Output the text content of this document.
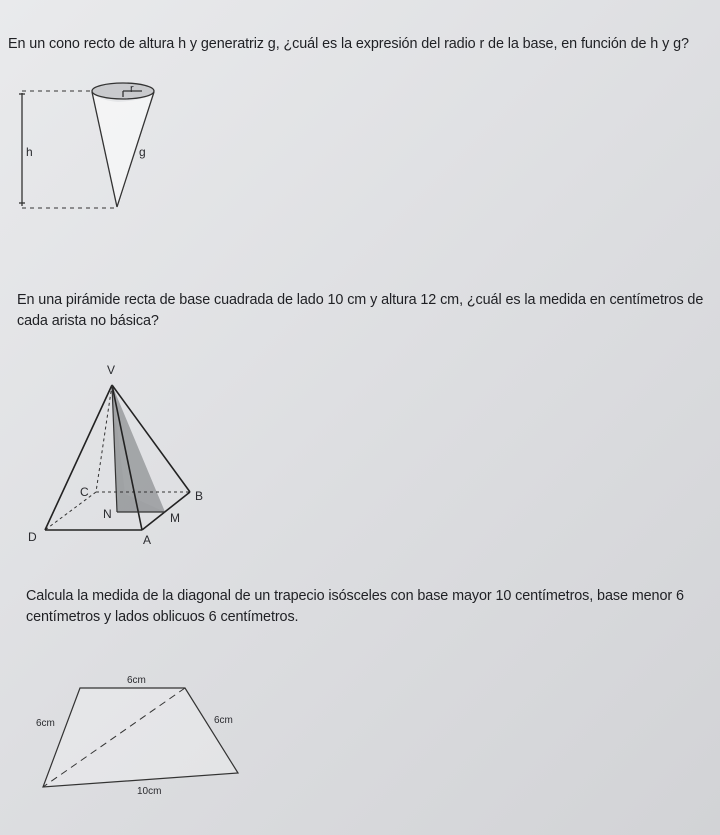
En un cono recto de altura h y generatriz g, ¿cuál es la expresión del radio r de la base, en función de h y g?

r
h	g

En una pirámide recta de base cuadrada de lado 10 cm y altura 12 cm, ¿cuál es la medida en centímetros de cada arista no básica?

V
C	B
N	M
D	A

Calcula la medida de la diagonal de un trapecio isósceles con base mayor 10 centímetros, base menor 6 centímetros y lados oblicuos 6 centímetros.

6cm
6cm	6cm
10cm
